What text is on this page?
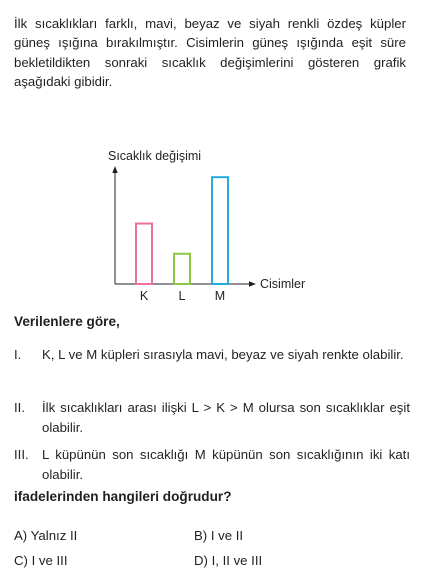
İlk sıcaklıkları farklı, mavi, beyaz ve siyah renkli özdeş küpler güneş ışığına bırakılmıştır. Cisimlerin güneş ışığında eşit süre bekletildikten sonraki sıcaklık değişimlerini gösteren grafik aşağıdaki gibidir.
Sıcaklık değişimi
Cisimler
K L M
Verilenlere göre,
I. K, L ve M küpleri sırasıyla mavi, beyaz ve siyah renkte olabilir.
II. İlk sıcaklıkları arası ilişki L > K > M olursa son sıcaklıklar eşit olabilir.
III. L küpünün son sıcaklığı M küpünün son sıcaklığının iki katı olabilir.
ifadelerinden hangileri doğrudur?
A) Yalnız II	B) I ve II
C) I ve III	D) I, II ve III
